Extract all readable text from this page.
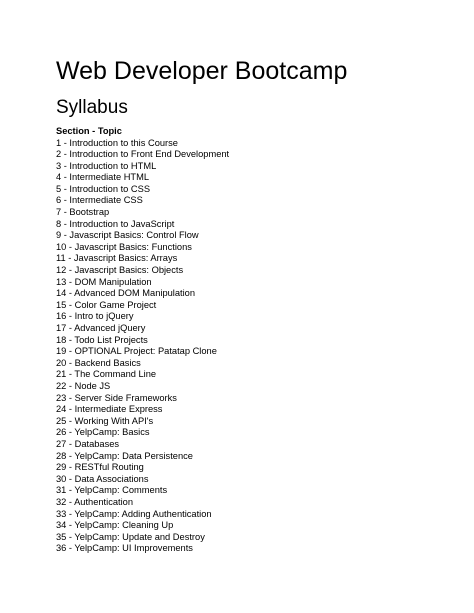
Web Developer Bootcamp
Syllabus
Section - Topic
1 - Introduction to this Course
2 - Introduction to Front End Development
3 - Introduction to HTML
4 - Intermediate HTML
5 - Introduction to CSS
6 - Intermediate CSS
7 - Bootstrap
8 - Introduction to JavaScript
9 - Javascript Basics: Control Flow
10 - Javascript Basics: Functions
11 - Javascript Basics: Arrays
12 - Javascript Basics: Objects
13 - DOM Manipulation
14 - Advanced DOM Manipulation
15 - Color Game Project
16 - Intro to jQuery
17 - Advanced jQuery
18 - Todo List Projects
19 - OPTIONAL Project: Patatap Clone
20 - Backend Basics
21 - The Command Line
22 - Node JS
23 - Server Side Frameworks
24 - Intermediate Express
25 - Working With API's
26 - YelpCamp: Basics
27 - Databases
28 - YelpCamp: Data Persistence
29 - RESTful Routing
30 - Data Associations
31 - YelpCamp: Comments
32 - Authentication
33 - YelpCamp: Adding Authentication
34 - YelpCamp: Cleaning Up
35 - YelpCamp: Update and Destroy
36 - YelpCamp: UI Improvements
